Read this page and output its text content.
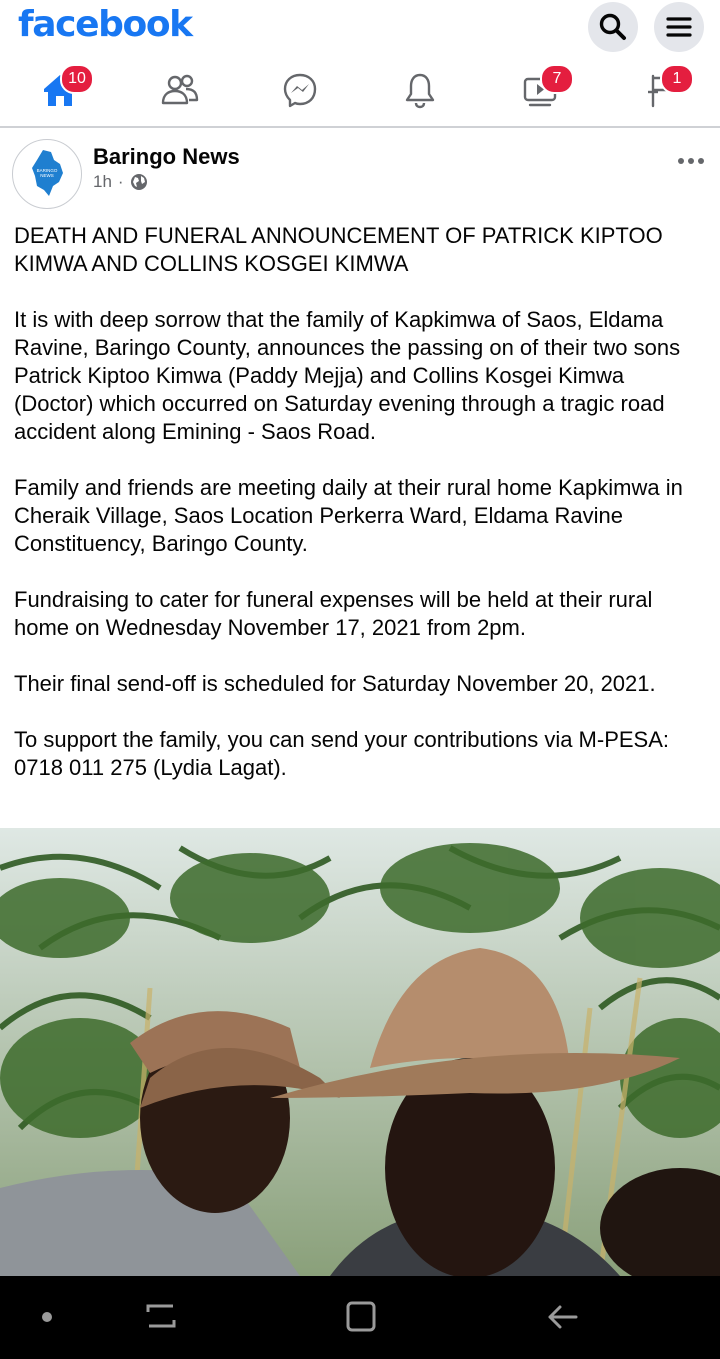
facebook
10	7	1
BARINGO
NEWS
Baringo News
1h ·

DEATH AND FUNERAL ANNOUNCEMENT OF PATRICK KIPTOO KIMWA AND COLLINS KOSGEI KIMWA

It is with deep sorrow that the family of Kapkimwa of Saos, Eldama Ravine, Baringo County, announces the passing on of their two sons Patrick Kiptoo Kimwa (Paddy Mejja) and Collins Kosgei Kimwa (Doctor) which occurred on Saturday evening through a tragic road accident along Emining - Saos Road.

Family and friends are meeting daily at their rural home Kapkimwa in Cheraik Village, Saos Location Perkerra Ward, Eldama Ravine Constituency, Baringo County.

Fundraising to cater for funeral expenses will be held at their rural home on Wednesday November 17, 2021 from 2pm.

Their final send-off is scheduled for Saturday November 20, 2021.

To support the family, you can send your contributions via M-PESA: 0718 011 275 (Lydia Lagat).
